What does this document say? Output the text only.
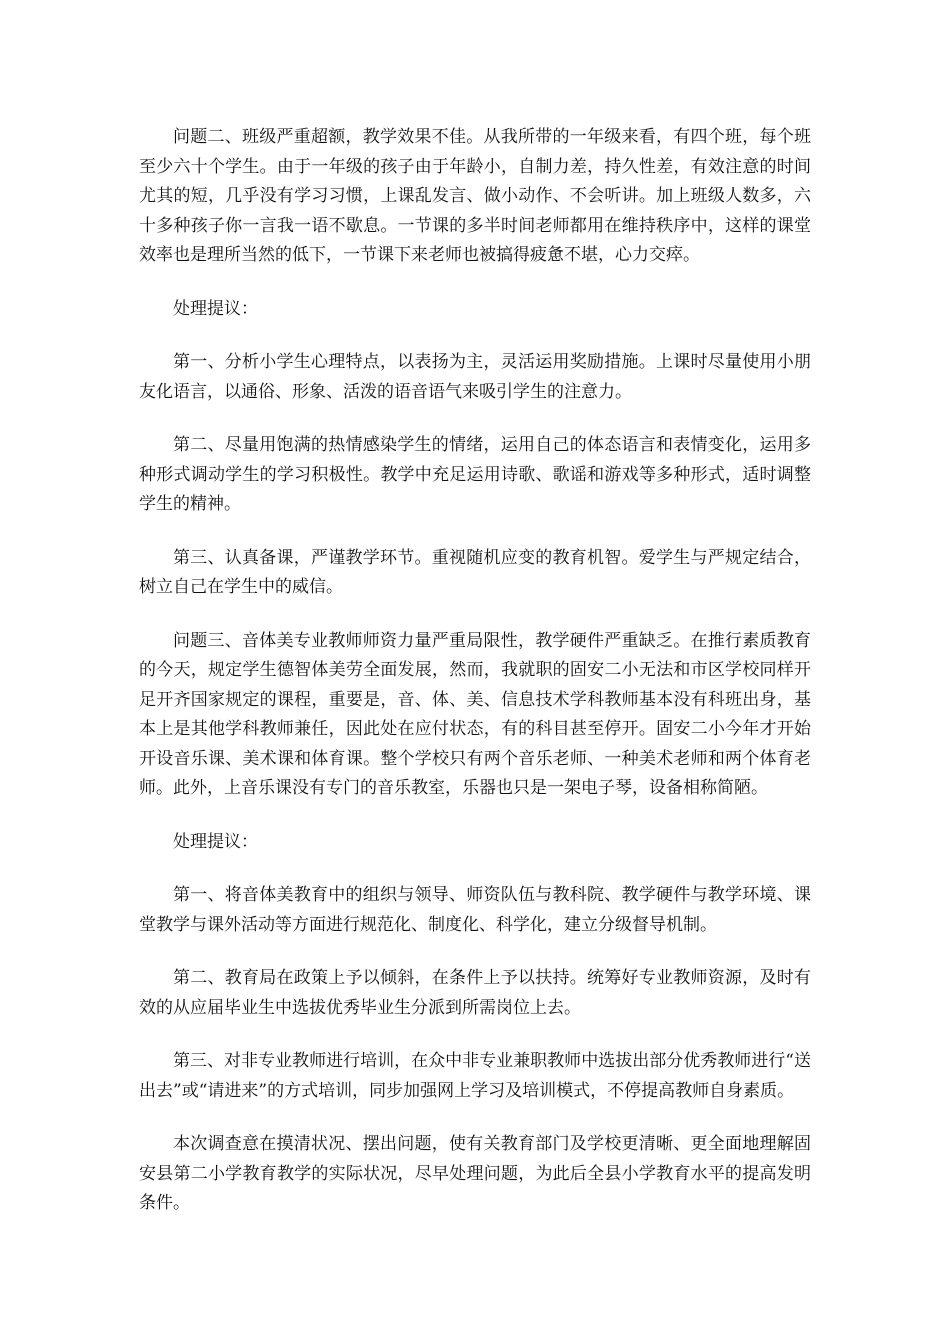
问题二、班级严重超额，教学效果不佳。从我所带的一年级来看，有四个班，每个班至少六十个学生。由于一年级的孩子由于年龄小，自制力差，持久性差，有效注意的时间尤其的短，几乎没有学习习惯，上课乱发言、做小动作、不会听讲。加上班级人数多，六十多种孩子你一言我一语不歇息。一节课的多半时间老师都用在维持秩序中，这样的课堂效率也是理所当然的低下，一节课下来老师也被搞得疲惫不堪，心力交瘁。

处理提议：

第一、分析小学生心理特点，以表扬为主，灵活运用奖励措施。上课时尽量使用小朋友化语言，以通俗、形象、活泼的语音语气来吸引学生的注意力。

第二、尽量用饱满的热情感染学生的情绪，运用自己的体态语言和表情变化，运用多种形式调动学生的学习积极性。教学中充足运用诗歌、歌谣和游戏等多种形式，适时调整学生的精神。

第三、认真备课，严谨教学环节。重视随机应变的教育机智。爱学生与严规定结合，树立自己在学生中的威信。

问题三、音体美专业教师师资力量严重局限性，教学硬件严重缺乏。在推行素质教育的今天，规定学生德智体美劳全面发展，然而，我就职的固安二小无法和市区学校同样开足开齐国家规定的课程，重要是，音、体、美、信息技术学科教师基本没有科班出身，基本上是其他学科教师兼任，因此处在应付状态，有的科目甚至停开。固安二小今年才开始开设音乐课、美术课和体育课。整个学校只有两个音乐老师、一种美术老师和两个体育老师。此外，上音乐课没有专门的音乐教室，乐器也只是一架电子琴，设备相称简陋。

处理提议：

第一、将音体美教育中的组织与领导、师资队伍与教科院、教学硬件与教学环境、课堂教学与课外活动等方面进行规范化、制度化、科学化，建立分级督导机制。

第二、教育局在政策上予以倾斜，在条件上予以扶持。统筹好专业教师资源，及时有效的从应届毕业生中选拔优秀毕业生分派到所需岗位上去。

第三、对非专业教师进行培训，在众中非专业兼职教师中选拔出部分优秀教师进行“送出去”或“请进来”的方式培训，同步加强网上学习及培训模式，不停提高教师自身素质。

本次调查意在摸清状况、摆出问题，使有关教育部门及学校更清晰、更全面地理解固安县第二小学教育教学的实际状况，尽早处理问题，为此后全县小学教育水平的提高发明条件。
